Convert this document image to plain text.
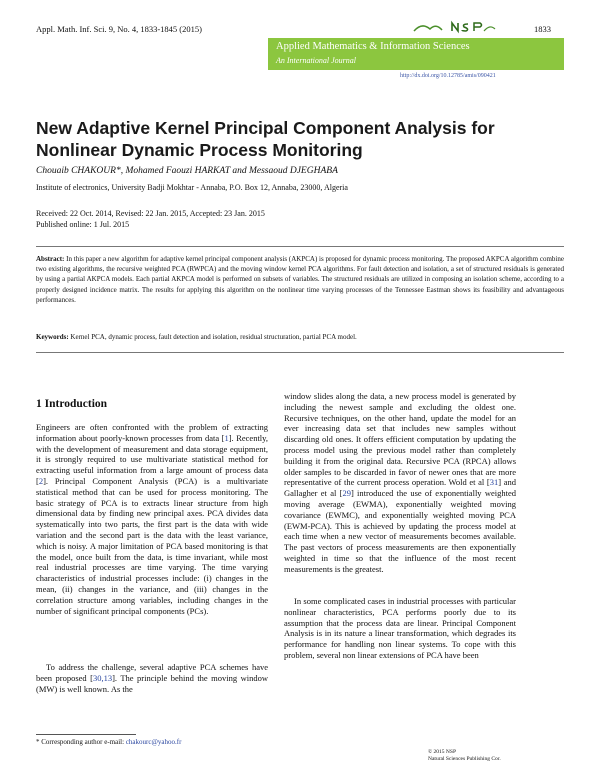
Appl. Math. Inf. Sci. 9, No. 4, 1833-1845 (2015)	1833
Applied Mathematics & Information Sciences
An International Journal
http://dx.doi.org/10.12785/amis/090421
New Adaptive Kernel Principal Component Analysis for Nonlinear Dynamic Process Monitoring
Chouaib CHAKOUR*, Mohamed Faouzi HARKAT and Messaoud DJEGHABA
Institute of electronics, University Badji Mokhtar - Annaba, P.O. Box 12, Annaba, 23000, Algeria
Received: 22 Oct. 2014, Revised: 22 Jan. 2015, Accepted: 23 Jan. 2015
Published online: 1 Jul. 2015
Abstract: In this paper a new algorithm for adaptive kernel principal component analysis (AKPCA) is proposed for dynamic process monitoring. The proposed AKPCA algorithm combine two existing algorithms, the recursive weighted PCA (RWPCA) and the moving window kernel PCA algorithms. For fault detection and isolation, a set of structured residuals is generated by using a partial AKPCA models. Each partial AKPCA model is performed on subsets of variables. The structured residuals are utilized in composing an isolation scheme, according to a properly designed incidence matrix. The results for applying this algorithm on the nonlinear time varying processes of the Tennessee Eastman shows its feasibility and advantageous performances.
Keywords: Kernel PCA, dynamic process, fault detection and isolation, residual structuration, partial PCA model.
1 Introduction

Engineers are often confronted with the problem of extracting information about poorly-known processes from data [1]. Recently, with the development of measurement and data storage equipment, it is strongly required to use multivariate statistical method for extracting useful information from a large amount of process data [2]. Principal Component Analysis (PCA) is a multivariate statistical method that can be used for process monitoring. The basic strategy of PCA is to extracts linear structure from high dimensional data by finding new principal axes. PCA divides data systematically into two parts, the first part is the data with wide variation and the second part is the data with the least variance, which is noisy. A major limitation of PCA based monitoring is that the model, once built from the data, is time invariant, while most real industrial processes are time varying. The time varying characteristics of industrial processes include: (i) changes in the mean, (ii) changes in the variance, and (iii) changes in the correlation structure among variables, including changes in the number of significant principal components (PCs).

To address the challenge, several adaptive PCA schemes have been proposed [30,13]. The principle behind the moving window (MW) is well known. As the

window slides along the data, a new process model is generated by including the newest sample and excluding the oldest one. Recursive techniques, on the other hand, update the model for an ever increasing data set that includes new samples without discarding old ones. It offers efficient computation by updating the process model using the previous model rather than completely building it from the original data. Recursive PCA (RPCA) allows older samples to be discarded in favor of newer ones that are more representative of the current process operation. Wold et al [31] and Gallagher et al [29] introduced the use of exponentially weighted moving average (EWMA), exponentially weighted moving covariance (EWMC), and exponentially weighted moving PCA (EWM-PCA). This is achieved by updating the process model at each time when a new vector of measurements becomes available. The past vectors of process measurements are then exponentially weighted in time so that the influence of the most recent measurements is the greatest.

In some complicated cases in industrial processes with particular nonlinear characteristics, PCA performs poorly due to its assumption that the process data are linear. Principal Component Analysis is in its nature a linear transformation, which degrades its performance for handling non linear systems. To cope with this problem, several non linear extensions of PCA have been

* Corresponding author e-mail: chakourc@yahoo.fr
© 2015 NSP
Natural Sciences Publishing Cor.
